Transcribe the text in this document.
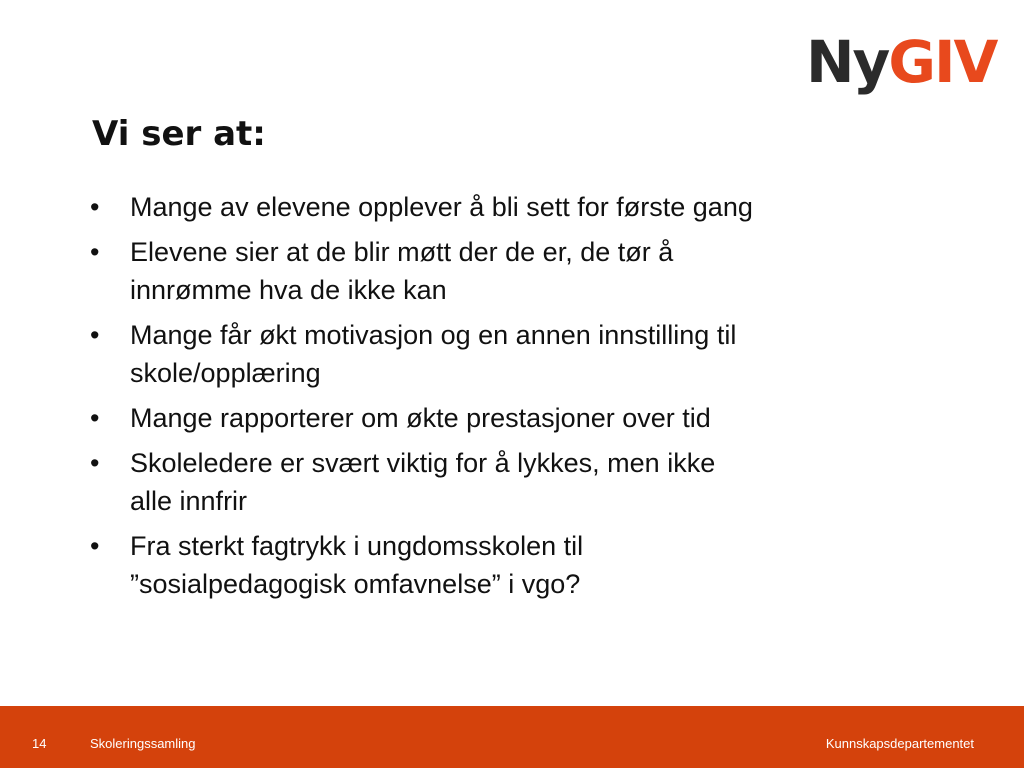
NyGIV
Vi ser at:
•	Mange av elevene opplever å bli sett for første gang
•	Elevene sier at de blir møtt der de er, de tør å
innrømme hva de ikke kan
•	Mange får økt motivasjon og en annen innstilling til
skole/opplæring
•	Mange rapporterer om økte prestasjoner over tid
•	Skoleledere er svært viktig for å lykkes, men ikke
alle innfrir
•	Fra sterkt fagtrykk i ungdomsskolen til
”sosialpedagogisk omfavnelse” i vgo?
14	Skoleringssamling	Kunnskapsdepartementet
